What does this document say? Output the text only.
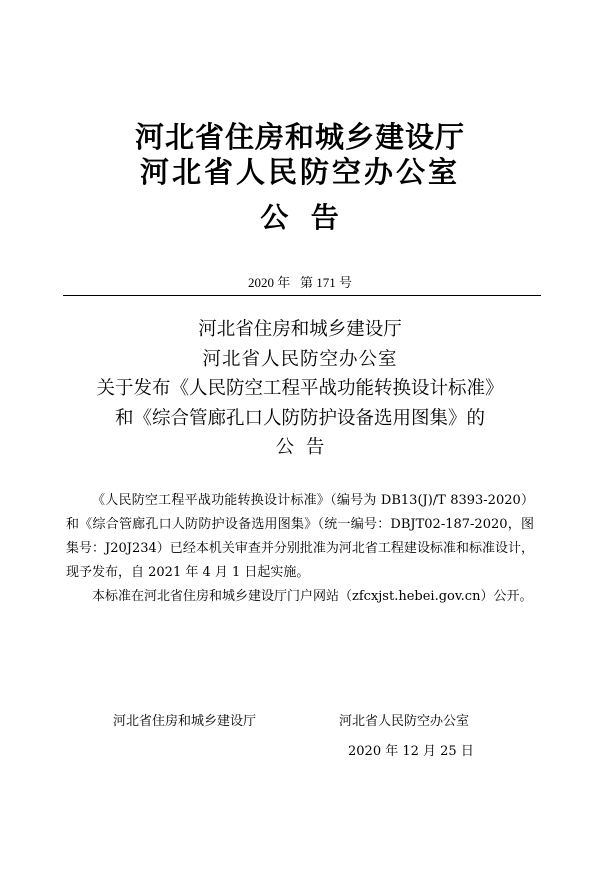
河北省住房和城乡建设厅
河北省人民防空办公室
公  告
2020 年   第 171 号
河北省住房和城乡建设厅
河北省人民防空办公室
关于发布《人民防空工程平战功能转换设计标准》
和《综合管廊孔口人防防护设备选用图集》的
公  告

《人民防空工程平战功能转换设计标准》（编号为 DB13(J)/T 8393-2020）和《综合管廊孔口人防防护设备选用图集》（统一编号：DBJT02-187-2020，图集号：J20J234）已经本机关审查并分别批准为河北省工程建设标准和标准设计，现予发布，自 2021 年 4 月 1 日起实施。

本标准在河北省住房和城乡建设厅门户网站（zfcxjst.hebei.gov.cn）公开。

河北省住房和城乡建设厅	河北省人民防空办公室
2020 年 12 月 25 日
